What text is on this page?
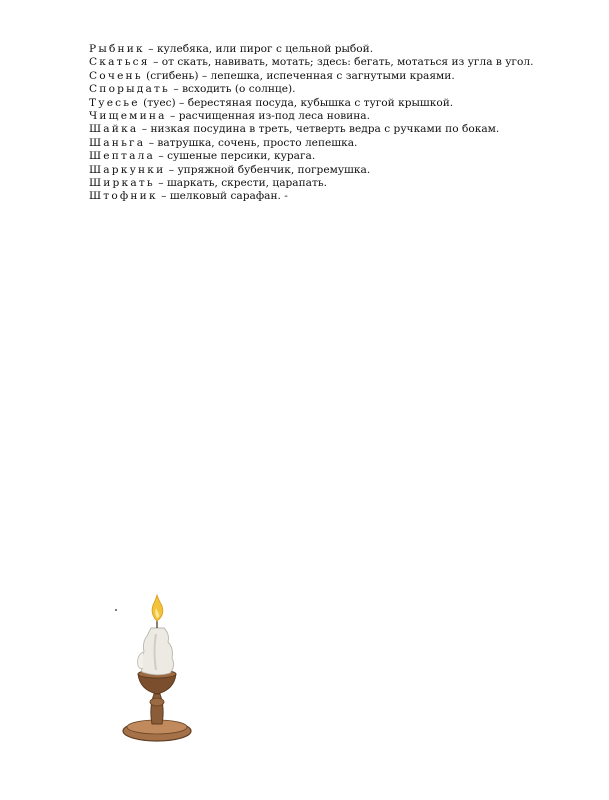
Рыбник – кулебяка, или пирог с цельной рыбой.
Скаться – от скать, навивать, мотать; здесь: бегать, мотаться из угла в угол.
Сочень (сгибень) – лепешка, испеченная с загнутыми краями.
Спорыдать – всходить (о солнце).
Туесье (туес) – берестяная посуда, кубышка с тугой крышкой.
Чищемина – расчищенная из-под леса новина.
Шайка – низкая посудина в треть, четверть ведра с ручками по бокам.
Шаньга – ватрушка, сочень, просто лепешка.
Шептала – сушеные персики, курага.
Шаркунки – упряжной бубенчик, погремушка.
Ширкать – шаркать, скрести, царапать.
Штофник – шелковый сарафан. -
